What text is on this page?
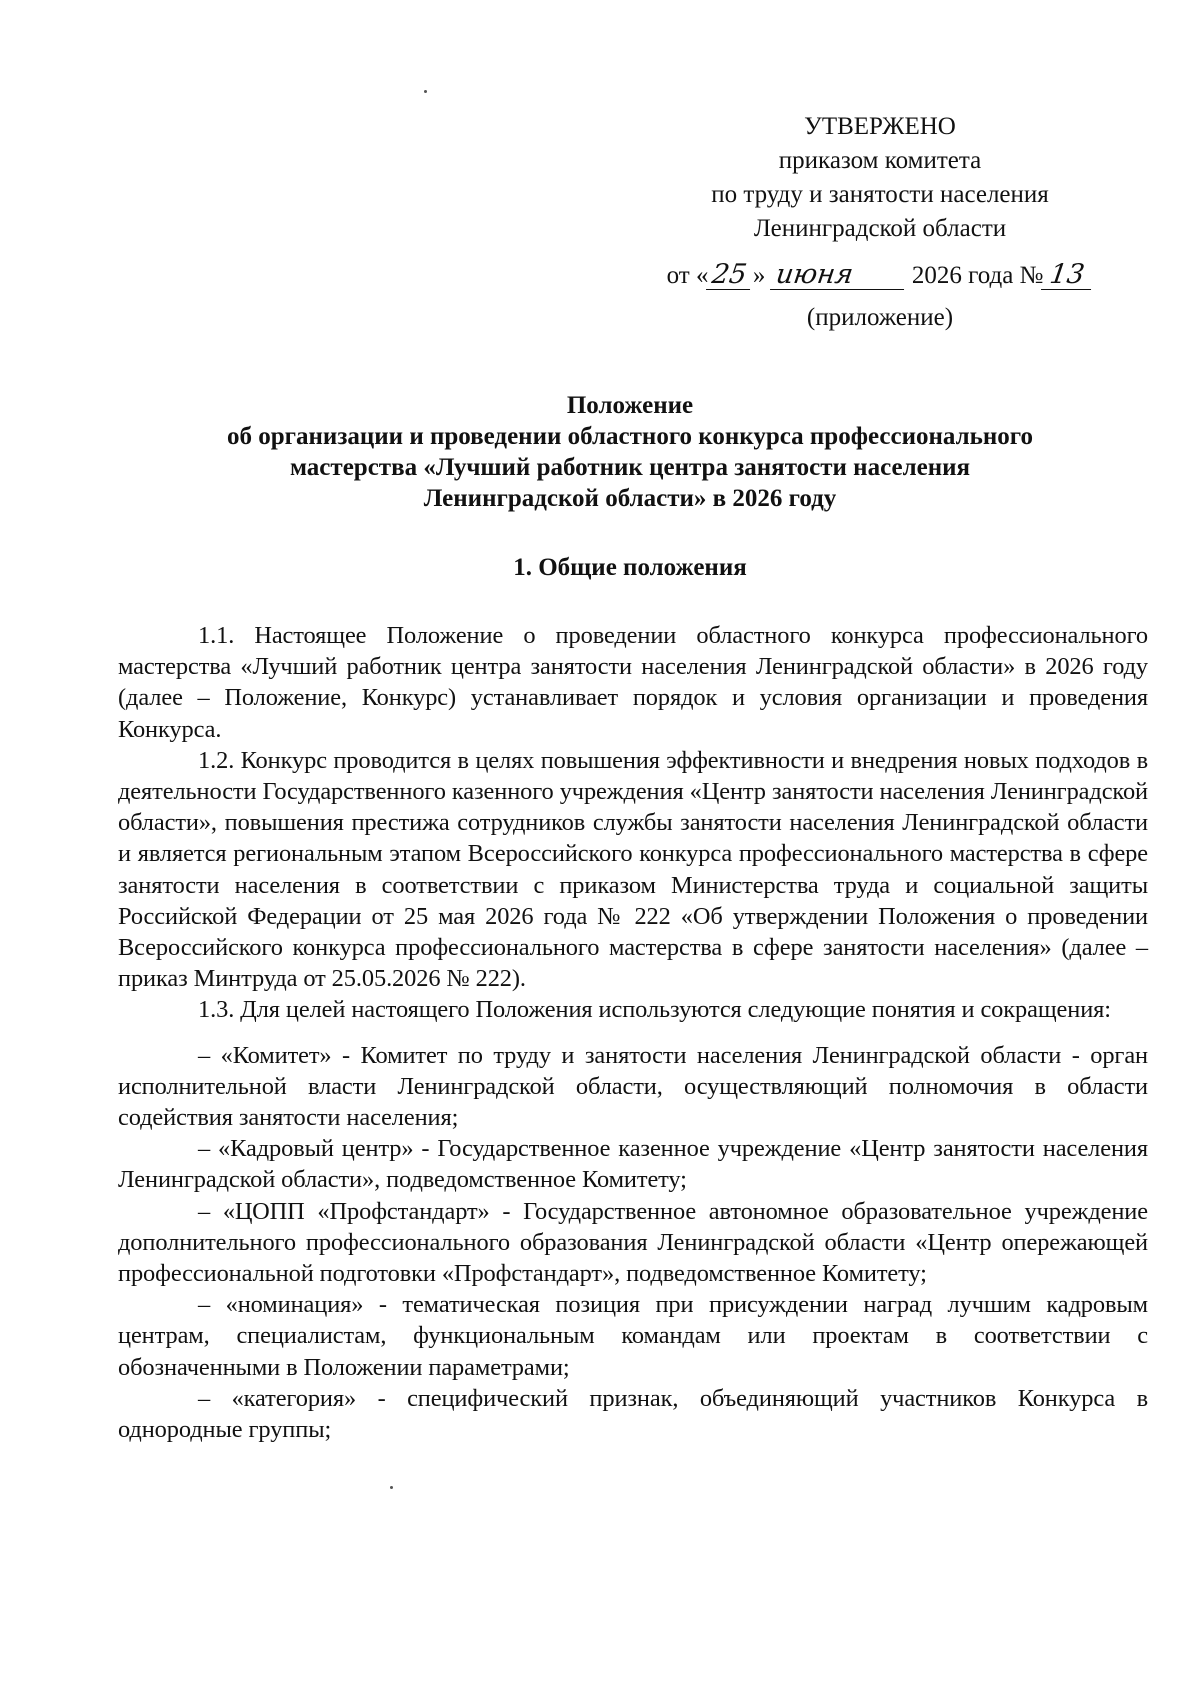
УТВЕРЖЕНО
приказом комитета
по труду и занятости населения
Ленинградской области
от «25 » июня 2026 года № 13
(приложение)
Положение
об организации и проведении областного конкурса профессионального
мастерства «Лучший работник центра занятости населения
Ленинградской области» в 2026 году
1. Общие положения

1.1. Настоящее Положение о проведении областного конкурса профессионального мастерства «Лучший работник центра занятости населения Ленинградской области» в 2026 году (далее – Положение, Конкурс) устанавливает порядок и условия организации и проведения Конкурса.

1.2. Конкурс проводится в целях повышения эффективности и внедрения новых подходов в деятельности Государственного казенного учреждения «Центр занятости населения Ленинградской области», повышения престижа сотрудников службы занятости населения Ленинградской области и является региональным этапом Всероссийского конкурса профессионального мастерства в сфере занятости населения в соответствии с приказом Министерства труда и социальной защиты Российской Федерации от 25 мая 2026 года № 222 «Об утверждении Положения о проведении Всероссийского конкурса профессионального мастерства в сфере занятости населения» (далее – приказ Минтруда от 25.05.2026 № 222).

1.3. Для целей настоящего Положения используются следующие понятия и сокращения:

– «Комитет» - Комитет по труду и занятости населения Ленинградской области - орган исполнительной власти Ленинградской области, осуществляющий полномочия в области содействия занятости населения;

– «Кадровый центр» - Государственное казенное учреждение «Центр занятости населения Ленинградской области», подведомственное Комитету;

– «ЦОПП «Профстандарт» - Государственное автономное образовательное учреждение дополнительного профессионального образования Ленинградской области «Центр опережающей профессиональной подготовки «Профстандарт», подведомственное Комитету;

– «номинация» - тематическая позиция при присуждении наград лучшим кадровым центрам, специалистам, функциональным командам или проектам в соответствии с обозначенными в Положении параметрами;

– «категория» - специфический признак, объединяющий участников Конкурса в однородные группы;
